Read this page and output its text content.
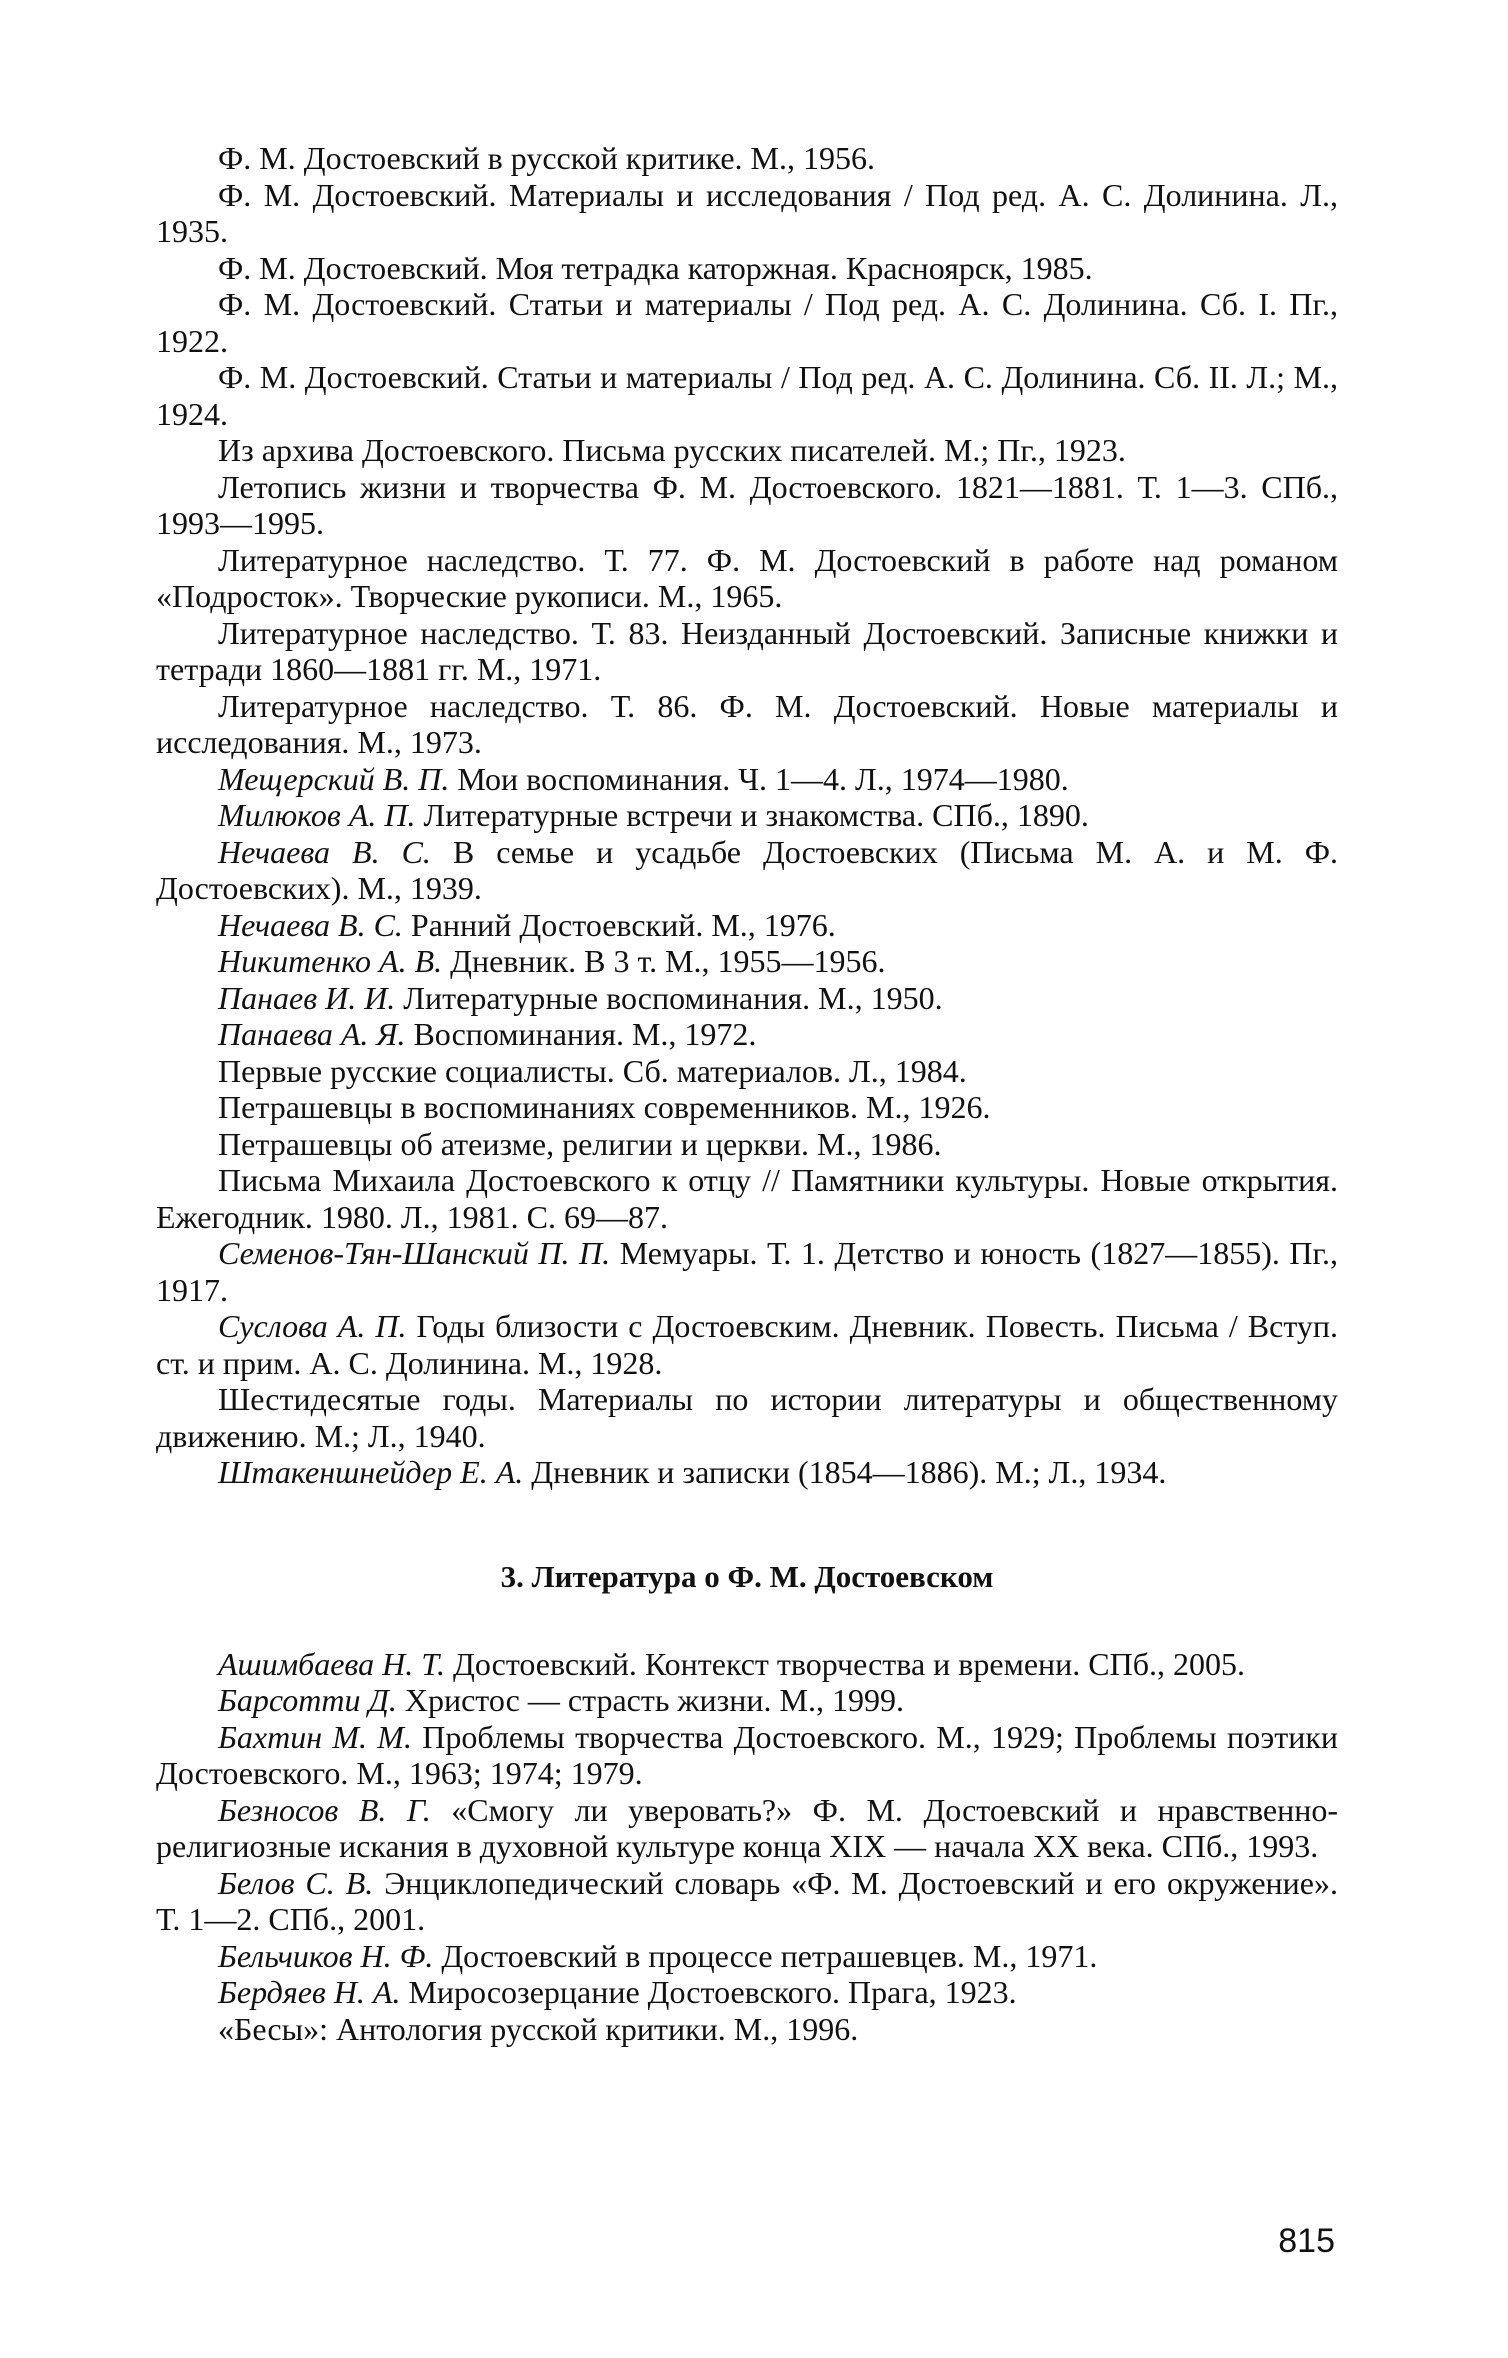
Ф. М. Достоевский в русской критике. М., 1956.

Ф. М. Достоевский. Материалы и исследования / Под ред. А. С. Долинина. Л., 1935.

Ф. М. Достоевский. Моя тетрадка каторжная. Красноярск, 1985.

Ф. М. Достоевский. Статьи и материалы / Под ред. А. С. Долинина. Сб. I. Пг., 1922.

Ф. М. Достоевский. Статьи и материалы / Под ред. А. С. Долинина. Сб. II. Л.; М., 1924.

Из архива Достоевского. Письма русских писателей. М.; Пг., 1923.

Летопись жизни и творчества Ф. М. Достоевского. 1821—1881. Т. 1—3. СПб., 1993—1995.

Литературное наследство. Т. 77. Ф. М. Достоевский в работе над романом «Подросток». Творческие рукописи. М., 1965.

Литературное наследство. Т. 83. Неизданный Достоевский. Записные книжки и тетради 1860—1881 гг. М., 1971.

Литературное наследство. Т. 86. Ф. М. Достоевский. Новые материалы и исследования. М., 1973.

Мещерский В. П. Мои воспоминания. Ч. 1—4. Л., 1974—1980.

Милюков А. П. Литературные встречи и знакомства. СПб., 1890.

Нечаева В. С. В семье и усадьбе Достоевских (Письма М. А. и М. Ф. Достоевских). М., 1939.

Нечаева В. С. Ранний Достоевский. М., 1976.

Никитенко А. В. Дневник. В 3 т. М., 1955—1956.

Панаев И. И. Литературные воспоминания. М., 1950.

Панаева А. Я. Воспоминания. М., 1972.

Первые русские социалисты. Сб. материалов. Л., 1984.

Петрашевцы в воспоминаниях современников. М., 1926.

Петрашевцы об атеизме, религии и церкви. М., 1986.

Письма Михаила Достоевского к отцу // Памятники культуры. Новые открытия. Ежегодник. 1980. Л., 1981. С. 69—87.

Семенов-Тян-Шанский П. П. Мемуары. Т. 1. Детство и юность (1827—1855). Пг., 1917.

Суслова А. П. Годы близости с Достоевским. Дневник. Повесть. Письма / Вступ. ст. и прим. А. С. Долинина. М., 1928.

Шестидесятые годы. Материалы по истории литературы и общественному движению. М.; Л., 1940.

Штакеншнейдер Е. А. Дневник и записки (1854—1886). М.; Л., 1934.

3. Литература о Ф. М. Достоевском

Ашимбаева Н. Т. Достоевский. Контекст творчества и времени. СПб., 2005.

Барсотти Д. Христос — страсть жизни. М., 1999.

Бахтин М. М. Проблемы творчества Достоевского. М., 1929; Проблемы поэтики Достоевского. М., 1963; 1974; 1979.

Безносов В. Г. «Смогу ли уверовать?» Ф. М. Достоевский и нравственно-религиозные искания в духовной культуре конца XIX — начала XX века. СПб., 1993.

Белов С. В. Энциклопедический словарь «Ф. М. Достоевский и его окружение». Т. 1—2. СПб., 2001.

Бельчиков Н. Ф. Достоевский в процессе петрашевцев. М., 1971.

Бердяев Н. А. Миросозерцание Достоевского. Прага, 1923.

«Бесы»: Антология русской критики. М., 1996.

815
